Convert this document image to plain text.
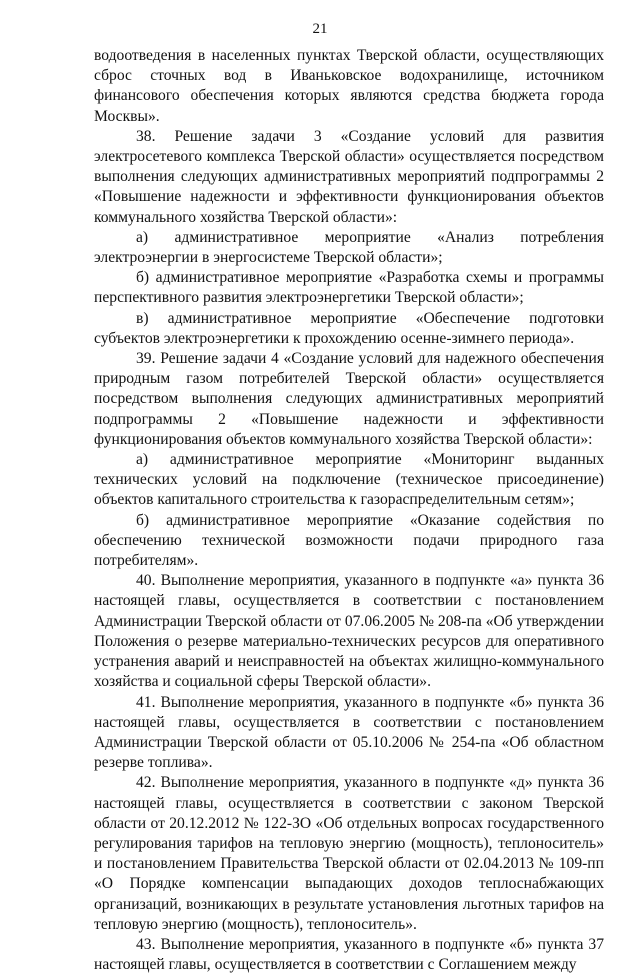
21

водоотведения в населенных пунктах Тверской области, осуществляющих сброс сточных вод в Иваньковское водохранилище, источником финансового обеспечения которых являются средства бюджета города Москвы».

38. Решение задачи 3 «Создание условий для развития электросетевого комплекса Тверской области» осуществляется посредством выполнения следующих административных мероприятий подпрограммы 2 «Повышение надежности и эффективности функционирования объектов коммунального хозяйства Тверской области»:

а) административное мероприятие «Анализ потребления электроэнергии в энергосистеме Тверской области»;

б) административное мероприятие «Разработка схемы и программы перспективного развития электроэнергетики Тверской области»;

в) административное мероприятие «Обеспечение подготовки субъектов электроэнергетики к прохождению осенне-зимнего периода».

39. Решение задачи 4 «Создание условий для надежного обеспечения природным газом потребителей Тверской области» осуществляется посредством выполнения следующих административных мероприятий подпрограммы 2 «Повышение надежности и эффективности функционирования объектов коммунального хозяйства Тверской области»:

а) административное мероприятие «Мониторинг выданных технических условий на подключение (техническое присоединение) объектов капитального строительства к газораспределительным сетям»;

б) административное мероприятие «Оказание содействия по обеспечению технической возможности подачи природного газа потребителям».

40. Выполнение мероприятия, указанного в подпункте «а» пункта 36 настоящей главы, осуществляется в соответствии с постановлением Администрации Тверской области от 07.06.2005 № 208-па «Об утверждении Положения о резерве материально-технических ресурсов для оперативного устранения аварий и неисправностей на объектах жилищно-коммунального хозяйства и социальной сферы Тверской области».

41. Выполнение мероприятия, указанного в подпункте «б» пункта 36 настоящей главы, осуществляется в соответствии с постановлением Администрации Тверской области от 05.10.2006 № 254-па «Об областном резерве топлива».

42. Выполнение мероприятия, указанного в подпункте «д» пункта 36 настоящей главы, осуществляется в соответствии с законом Тверской области от 20.12.2012 № 122-ЗО «Об отдельных вопросах государственного регулирования тарифов на тепловую энергию (мощность), теплоноситель» и постановлением Правительства Тверской области от 02.04.2013 № 109-пп «О Порядке компенсации выпадающих доходов теплоснабжающих организаций, возникающих в результате установления льготных тарифов на тепловую энергию (мощность), теплоноситель».

43. Выполнение мероприятия, указанного в подпункте «б» пункта 37 настоящей главы, осуществляется в соответствии с Соглашением между
